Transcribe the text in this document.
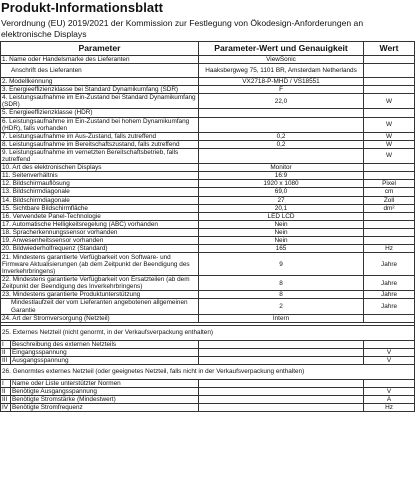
Produkt-Informationsblatt
Verordnung (EU) 2019/2021 der Kommission zur Festlegung von Ökodesign-Anforderungen an elektronische Displays
Parameter		Parameter-Wert und Genauigkeit	Wert
1. Name oder Handelsmarke des Lieferanten		ViewSonic	
Anschrift des Lieferanten		Haaksbergweg 75, 1101 BR, Amsterdam Netherlands	
2. Modellkennung		VX2718-P-MHD / VS18551	
3. Energieeffizienzklasse bei Standard Dynamikumfang (SDR)		F	
4. Leistungsaufnahme im Ein-Zustand bei Standard Dynamikumfang (SDR)		22,0	W
5. Energieeffizienzklasse (HDR)			
6. Leistungsaufnahme im Ein-Zustand bei hohem Dynamikumfang (HDR), falls vorhanden			W
7. Leistungsaufnahme im Aus-Zustand, falls zutreffend		0,2	W
8. Leistungsaufnahme im Bereitschaftszustand, falls zutreffend		0,2	W
9. Leistungsaufnahme im vernetzten Bereitschaftsbetrieb, falls zutreffend			W
10. Art des elektronischen Displays		Monitor	
11. Seitenverhältnis		16:9	
12. Bildschirmauflösung		1920 x 1080	Pixel
13. Bildschirmdiagonale		69,0	cm
14. Bildschirmdiagonale		27	Zoll
15. Sichtbare Bildschirmfläche		20,1	dm²
16. Verwendete Panel-Technologie		LED LCD	
17. Automatische Helligkeitsregelung (ABC) vorhanden		Nein	
18. Spracherkennungssensor vorhanden		Nein	
19. Anwesenheitssensor vorhanden		Nein	
20. Bildwiederholfrequenz (Standard)		165	Hz
21. Mindestens garantierte Verfügbarkeit von Software- und Firmware Aktualisierungen (ab dem Zeitpunkt der Beendigung des Inverkehrbringens)		9	Jahre
22. Mindestens garantierte Verfügbarkeit von Ersatzteilen (ab dem Zeitpunkt der Beendigung des Inverkehrbringens)		8	Jahre
23. Mindestens garantierte Produktunterstützung		8	Jahre
Mindestlaufzeit der vom Lieferanten angebotenen allgemeinen Garantie		2	Jahre
24. Art der Stromversorgung (Netzteil)		Intern	

25. Externes Netzteil (nicht genormt, in der Verkaufsverpackung enthalten)			
I	Beschreibung des externen Netzteils		
II	Eingangsspannung		V
III	Ausgangsspannung		V
26. Genormtes externes Netzteil (oder geeignetes Netzteil, falls nicht in der Verkaufsverpackung enthalten)			
I	Name oder Liste unterstützter Normen		
II	Benötigte Ausgangsspannung		V
III	Benötigte Stromstärke (Mindestwert)		A
IV	Benötigte Stromfrequenz		Hz
